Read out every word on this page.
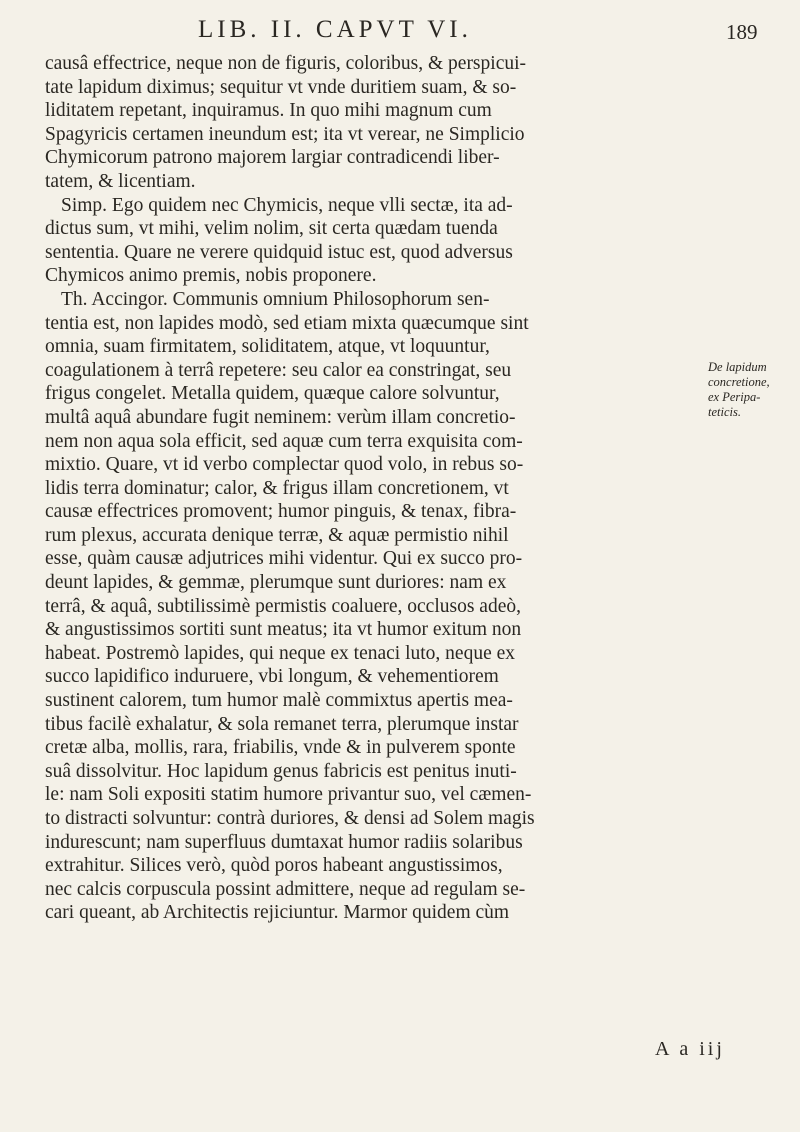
LIB. II. CAPVT VI.	189
causâ effectrice, neque non de figuris, coloribus, & perspicui-
tate lapidum diximus; sequitur vt vnde duritiem suam, & so-
liditatem repetant, inquiramus. In quo mihi magnum cum
Spagyricis certamen ineundum est; ita vt verear, ne Simplicio
Chymicorum patrono majorem largiar contradicendi liber-
tatem, & licentiam.
Simp. Ego quidem nec Chymicis, neque vlli sectæ, ita ad-
dictus sum, vt mihi, velim nolim, sit certa quædam tuenda
sententia. Quare ne verere quidquid istuc est, quod adversus
Chymicos animo premis, nobis proponere.
Th. Accingor. Communis omnium Philosophorum sen-
tentia est, non lapides modò, sed etiam mixta quæcumque sint
omnia, suam firmitatem, soliditatem, atque, vt loquuntur,
coagulationem à terrâ repetere: seu calor ea constringat, seu
frigus congelet. Metalla quidem, quæque calore solvuntur,
multâ aquâ abundare fugit neminem: verùm illam concretio-
nem non aqua sola efficit, sed aquæ cum terra exquisita com-
mixtio. Quare, vt id verbo complectar quod volo, in rebus so-
lidis terra dominatur; calor, & frigus illam concretionem, vt
causæ effectrices promovent; humor pinguis, & tenax, fibra-
rum plexus, accurata denique terræ, & aquæ permistio nihil
esse, quàm causæ adjutrices mihi videntur. Qui ex succo pro-
deunt lapides, & gemmæ, plerumque sunt duriores: nam ex
terrâ, & aquâ, subtilissimè permistis coaluere, occlusos adeò,
& angustissimos sortiti sunt meatus; ita vt humor exitum non
habeat. Postremò lapides, qui neque ex tenaci luto, neque ex
succo lapidifico induruere, vbi longum, & vehementiorem
sustinent calorem, tum humor malè commixtus apertis mea-
tibus facilè exhalatur, & sola remanet terra, plerumque instar
cretæ alba, mollis, rara, friabilis, vnde & in pulverem sponte
suâ dissolvitur. Hoc lapidum genus fabricis est penitus inuti-
le: nam Soli expositi statim humore privantur suo, vel cæmen-
to distracti solvuntur: contrà duriores, & densi ad Solem magis
indurescunt; nam superfluus dumtaxat humor radiis solaribus
extrahitur. Silices verò, quòd poros habeant angustissimos,
nec calcis corpuscula possint admittere, neque ad regulam se-
cari queant, ab Architectis rejiciuntur. Marmor quidem cùm
De lapidum
concretione,
ex Peripa-
teticis.
A a iij
